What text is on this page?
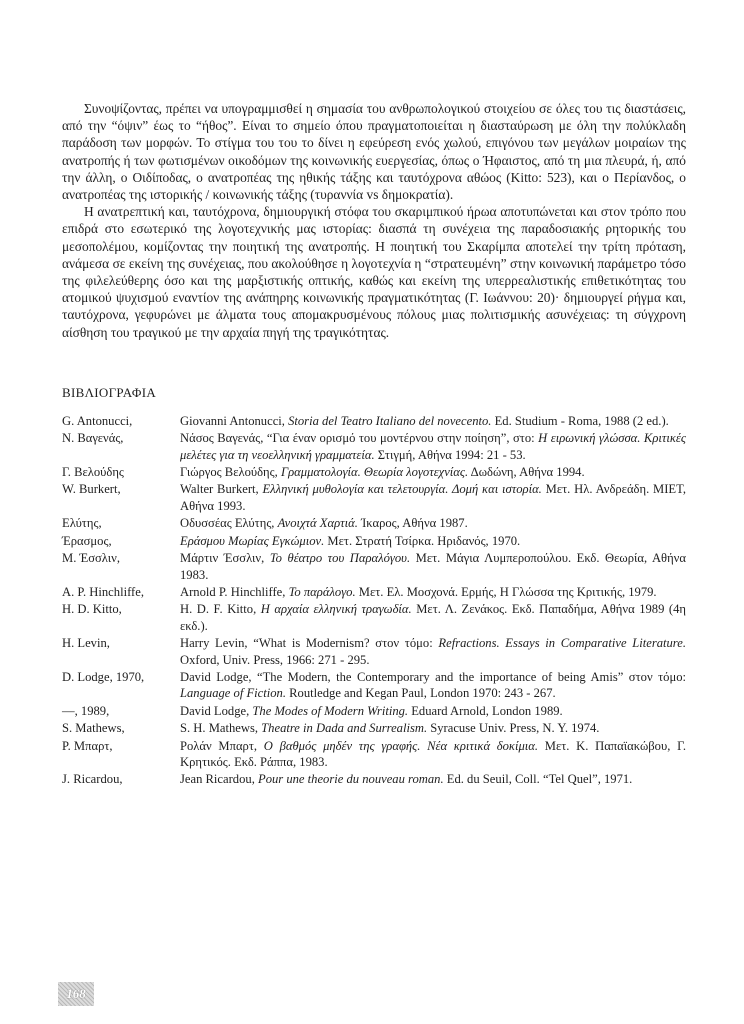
Συνοψίζοντας, πρέπει να υπογραμμισθεί η σημασία του ανθρωπολογικού στοιχείου σε όλες του τις διαστάσεις, από την “όψιν” έως το “ήθος”. Είναι το σημείο όπου πραγματοποιείται η διασταύρωση με όλη την πολύκλαδη παράδοση των μορφών. Το στίγμα του του το δίνει η εφεύρεση ενός χωλού, επιγόνου των μεγάλων μοιραίων της ανατροπής ή των φωτισμένων οικοδόμων της κοινωνικής ευεργεσίας, όπως ο Ήφαιστος, από τη μια πλευρά, ή, από την άλλη, ο Οιδίποδας, ο ανατροπέας της ηθικής τάξης και ταυτόχρονα αθώος (Kitto: 523), και ο Περίανδος, ο ανατροπέας της ιστορικής / κοινωνικής τάξης (τυραννία vs δημοκρατία).

Η ανατρεπτική και, ταυτόχρονα, δημιουργική στόφα του σκαριμπικού ήρωα αποτυπώνεται και στον τρόπο που επιδρά στο εσωτερικό της λογοτεχνικής μας ιστορίας: διασπά τη συνέχεια της παραδοσιακής ρητορικής του μεσοπολέμου, κομίζοντας την ποιητική της ανατροπής. Η ποιητική του Σκαρίμπα αποτελεί την τρίτη πρόταση, ανάμεσα σε εκείνη της συνέχειας, που ακολούθησε η λογοτεχνία η “στρατευμένη” στην κοινωνική παράμετρο τόσο της φιλελεύθερης όσο και της μαρξιστικής οπτικής, καθώς και εκείνη της υπερρεαλιστικής επιθετικότητας του ατομικού ψυχισμού εναντίον της ανάπηρης κοινωνικής πραγματικότητας (Γ. Ιωάννου: 20)· δημιουργεί ρήγμα και, ταυτόχρονα, γεφυρώνει με άλματα τους απομακρυσμένους πόλους μιας πολιτισμικής ασυνέχειας: τη σύγχρονη αίσθηση του τραγικού με την αρχαία πηγή της τραγικότητας.

ΒΙΒΛΙΟΓΡΑΦΙΑ
G. Antonucci,	Giovanni Antonucci, Storia del Teatro Italiano del novecento. Ed. Studium - Roma, 1988 (2 ed.).
Ν. Βαγενάς,	Νάσος Βαγενάς, “Για έναν ορισμό του μοντέρνου στην ποίηση”, στο: Η ειρωνική γλώσσα. Κριτικές μελέτες για τη νεοελληνική γραμματεία. Στιγμή, Αθήνα 1994: 21 - 53.
Γ. Βελούδης	Γιώργος Βελούδης, Γραμματολογία. Θεωρία λογοτεχνίας. Δωδώνη, Αθήνα 1994.
W. Burkert,	Walter Burkert, Ελληνική μυθολογία και τελετουργία. Δομή και ιστορία. Μετ. Ηλ. Ανδρεάδη. ΜΙΕΤ, Αθήνα 1993.
Ελύτης,	Οδυσσέας Ελύτης, Ανοιχτά Χαρτιά. Ίκαρος, Αθήνα 1987.
Έρασμος,	Εράσμου Μωρίας Εγκώμιον. Μετ. Στρατή Τσίρκα. Ηριδανός, 1970.
Μ. Έσσλιν,	Μάρτιν Έσσλιν, Το θέατρο του Παραλόγου. Μετ. Μάγια Λυμπεροπούλου. Εκδ. Θεωρία, Αθήνα 1983.
A. P. Hinchliffe,	Arnold P. Hinchliffe, Το παράλογο. Μετ. Ελ. Μοσχονά. Ερμής, Η Γλώσσα της Κριτικής, 1979.
H. D. Kitto,	H. D. F. Kitto, Η αρχαία ελληνική τραγωδία. Μετ. Λ. Ζενάκος. Εκδ. Παπαδήμα, Αθήνα 1989 (4η εκδ.).
H. Levin,	Harry Levin, “What is Modernism? στον τόμο: Refractions. Essays in Comparative Literature. Oxford, Univ. Press, 1966: 271 - 295.
D. Lodge, 1970,	David Lodge, “The Modern, the Contemporary and the importance of being Amis” στον τόμο: Language of Fiction. Routledge and Kegan Paul, London 1970: 243 - 267.
—, 1989,	David Lodge, The Modes of Modern Writing. Eduard Arnold, London 1989.
S. Mathews,	S. H. Mathews, Theatre in Dada and Surrealism. Syracuse Univ. Press, N. Y. 1974.
Ρ. Μπαρτ,	Ρολάν Μπαρτ, Ο βαθμός μηδέν της γραφής. Νέα κριτικά δοκίμια. Μετ. Κ. Παπαϊακώβου, Γ. Κρητικός. Εκδ. Ράππα, 1983.
J. Ricardou,	Jean Ricardou, Pour une theorie du nouveau roman. Ed. du Seuil, Coll. “Tel Quel”, 1971.
168
